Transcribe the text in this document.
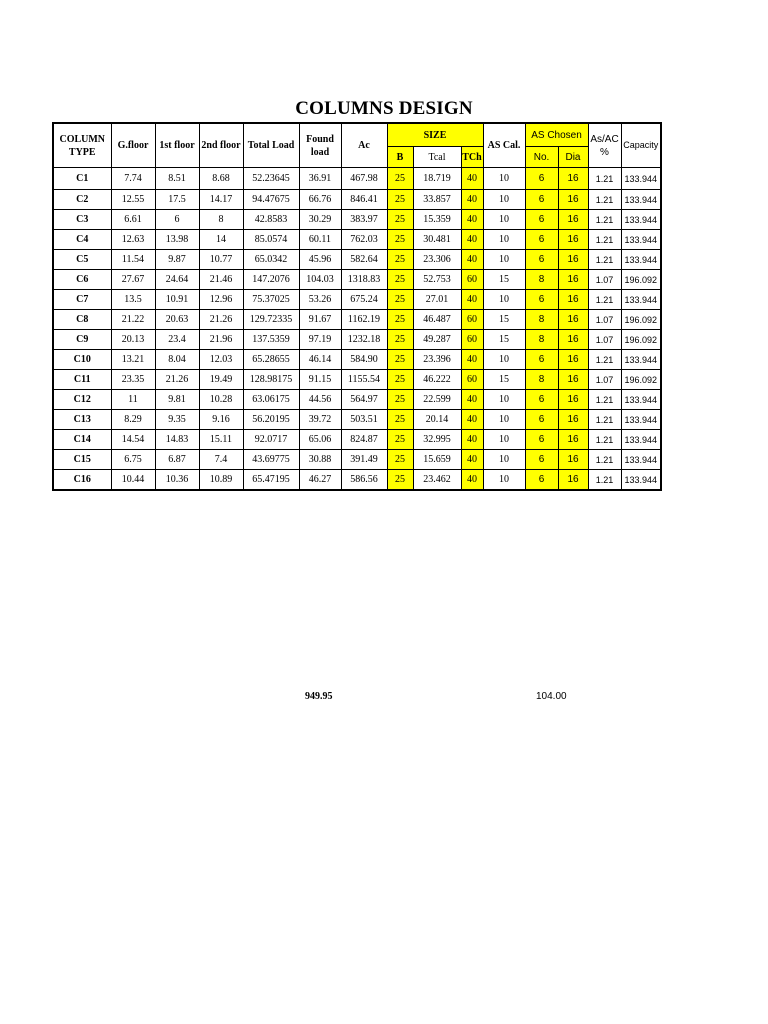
COLUMNS DESIGN
COLUMN TYPE	G.floor	1st floor	2nd floor	Total Load	Found load	Ac	SIZE			AS Cal.	AS Chosen		As/AC %	Capacity
							B	Tcal	TCh		No.	Dia		
C1	7.74	8.51	8.68	52.23645	36.91	467.98	25	18.719	40	10	6	16	1.21	133.944
C2	12.55	17.5	14.17	94.47675	66.76	846.41	25	33.857	40	10	6	16	1.21	133.944
C3	6.61	6	8	42.8583	30.29	383.97	25	15.359	40	10	6	16	1.21	133.944
C4	12.63	13.98	14	85.0574	60.11	762.03	25	30.481	40	10	6	16	1.21	133.944
C5	11.54	9.87	10.77	65.0342	45.96	582.64	25	23.306	40	10	6	16	1.21	133.944
C6	27.67	24.64	21.46	147.2076	104.03	1318.83	25	52.753	60	15	8	16	1.07	196.092
C7	13.5	10.91	12.96	75.37025	53.26	675.24	25	27.01	40	10	6	16	1.21	133.944
C8	21.22	20.63	21.26	129.72335	91.67	1162.19	25	46.487	60	15	8	16	1.07	196.092
C9	20.13	23.4	21.96	137.5359	97.19	1232.18	25	49.287	60	15	8	16	1.07	196.092
C10	13.21	8.04	12.03	65.28655	46.14	584.90	25	23.396	40	10	6	16	1.21	133.944
C11	23.35	21.26	19.49	128.98175	91.15	1155.54	25	46.222	60	15	8	16	1.07	196.092
C12	11	9.81	10.28	63.06175	44.56	564.97	25	22.599	40	10	6	16	1.21	133.944
C13	8.29	9.35	9.16	56.20195	39.72	503.51	25	20.14	40	10	6	16	1.21	133.944
C14	14.54	14.83	15.11	92.0717	65.06	824.87	25	32.995	40	10	6	16	1.21	133.944
C15	6.75	6.87	7.4	43.69775	30.88	391.49	25	15.659	40	10	6	16	1.21	133.944
C16	10.44	10.36	10.89	65.47195	46.27	586.56	25	23.462	40	10	6	16	1.21	133.944
949.95	104.00
